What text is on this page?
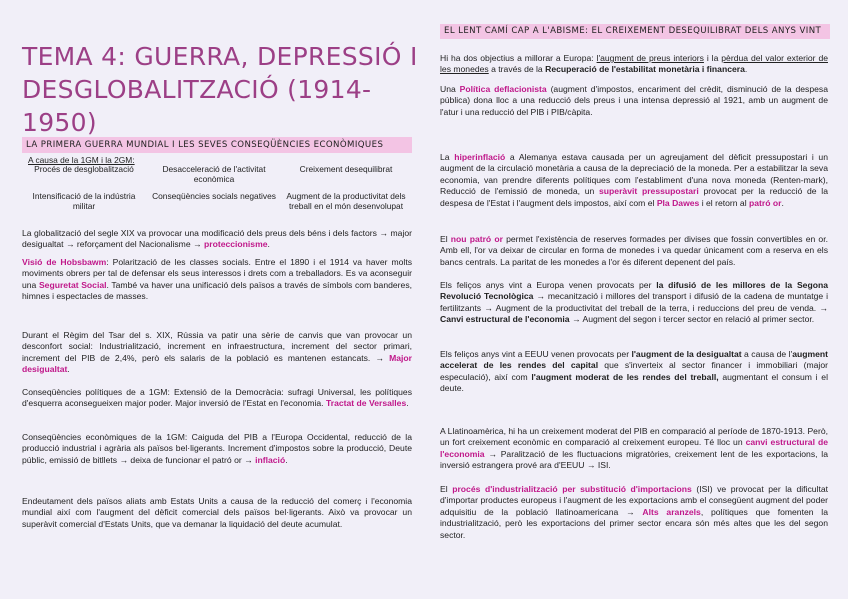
TEMA 4: GUERRA, DEPRESSIÓ I DESGLOBALITZACIÓ (1914-1950)
LA PRIMERA GUERRA MUNDIAL I LES SEVES CONSEQÜÈNCIES ECONÒMIQUES
A causa de la 1GM i la 2GM:
Procés de desglobalització	Desacceleració de l'activitat econòmica
Creixement desequilibrat
Intensificació de la indústria militar
Conseqüències socials negatives Augment de la productivitat dels treball en el món desenvolupat

La globalització del segle XIX va provocar una modificació dels preus dels béns i dels factors → major desigualtat → reforçament del Nacionalisme → proteccionisme.

Visió de Hobsbawm: Polarització de les classes socials. Entre el 1890 i el 1914 va haver molts moviments obrers per tal de defensar els seus interessos i drets com a treballadors. Es va aconseguir una Seguretat Social. També va haver una unificació dels països a través de símbols com banderes, himnes i espectacles de masses.

Durant el Règim del Tsar del s. XIX, Rússia va patir una sèrie de canvis que van provocar un desconfort social: Industrialització, increment en infraestructura, increment del sector primari, increment del PIB de 2,4%, però els salaris de la població es mantenen estancats. → Major desigualtat.

Conseqüències polítiques de a 1GM: Extensió de la Democràcia: sufragi Universal, les polítiques d'esquerra aconsegueixen major poder. Major inversió de l'Estat en l'economia. Tractat de Versalles.

Conseqüències econòmiques de la 1GM: Caiguda del PIB a l'Europa Occidental, reducció de la producció industrial i agrària als països bel·ligerants. Increment d'impostos sobre la producció, Deute públic, emissió de bitllets → deixa de funcionar el patró or → inflació.

Endeutament dels països aliats amb Estats Units a causa de la reducció del comerç i l'economia mundial així com l'augment del dèficit comercial dels països bel·ligerants. Això va provocar un superàvit comercial d'Estats Units, que va demanar la liquidació del deute acumulat.

EL LENT CAMÍ CAP A L'ABISME: EL CREIXEMENT DESEQUILIBRAT DELS ANYS VINT

Hi ha dos objectius a millorar a Europa: l'augment de preus interiors i la pèrdua del valor exterior de les monedes a través de la Recuperació de l'estabilitat monetària i financera.

Una Política deflacionista (augment d'impostos, encariment del crèdit, disminució de la despesa pública) dona lloc a una reducció dels preus i una intensa depressió al 1921, amb un augment de l'atur i una reducció del PIB i PIB/càpita.

La hiperinflació a Alemanya estava causada per un agreujament del dèficit pressupostari i un augment de la circulació monetària a causa de la depreciació de la moneda. Per a estabilitzar la seva economia, van prendre diferents polítiques com l'establiment d'una nova moneda (Renten-mark), Reducció de l'emissió de moneda, un superàvit pressupostari provocat per la reducció de la despesa de l'Estat i l'augment dels impostos, així com el Pla Dawes i el retorn al patró or.

El nou patró or permet l'existència de reserves formades per divises que fossin convertibles en or. Amb ell, l'or va deixar de circular en forma de monedes i va quedar únicament com a reserva en els bancs centrals. La paritat de les monedes a l'or és diferent depenent del país.

Els feliços anys vint a Europa venen provocats per la difusió de les millores de la Segona Revolució Tecnològica → mecanització i millores del transport i difusió de la cadena de muntatge i fertilitzants → Augment de la productivitat del treball de la terra, i reduccions del preu de venda. → Canvi estructural de l'economia → Augment del segon i tercer sector en relació al primer sector.

Els feliços anys vint a EEUU venen provocats per l'augment de la desigualtat a causa de l'augment accelerat de les rendes del capital que s'inverteix al sector financer i immobiliari (major especulació), així com l'augment moderat de les rendes del treball, augmentant el consum i el deute.

A Llatinoamèrica, hi ha un creixement moderat del PIB en comparació al període de 1870-1913. Però, un fort creixement econòmic en comparació al creixement europeu. Té lloc un canvi estructural de l'economia → Paralització de les fluctuacions migratòries, creixement lent de les exportacions, la inversió estrangera prové ara d'EEUU → ISI.

El procés d'industrialització per substitució d'importacions (ISI) ve provocat per la dificultat d'importar productes europeus i l'augment de les exportacions amb el consegüent augment del poder adquisitiu de la població llatinoamericana → Alts aranzels, polítiques que fomenten la industrialització, però les exportacions del primer sector encara són més altes que les del segon sector.
